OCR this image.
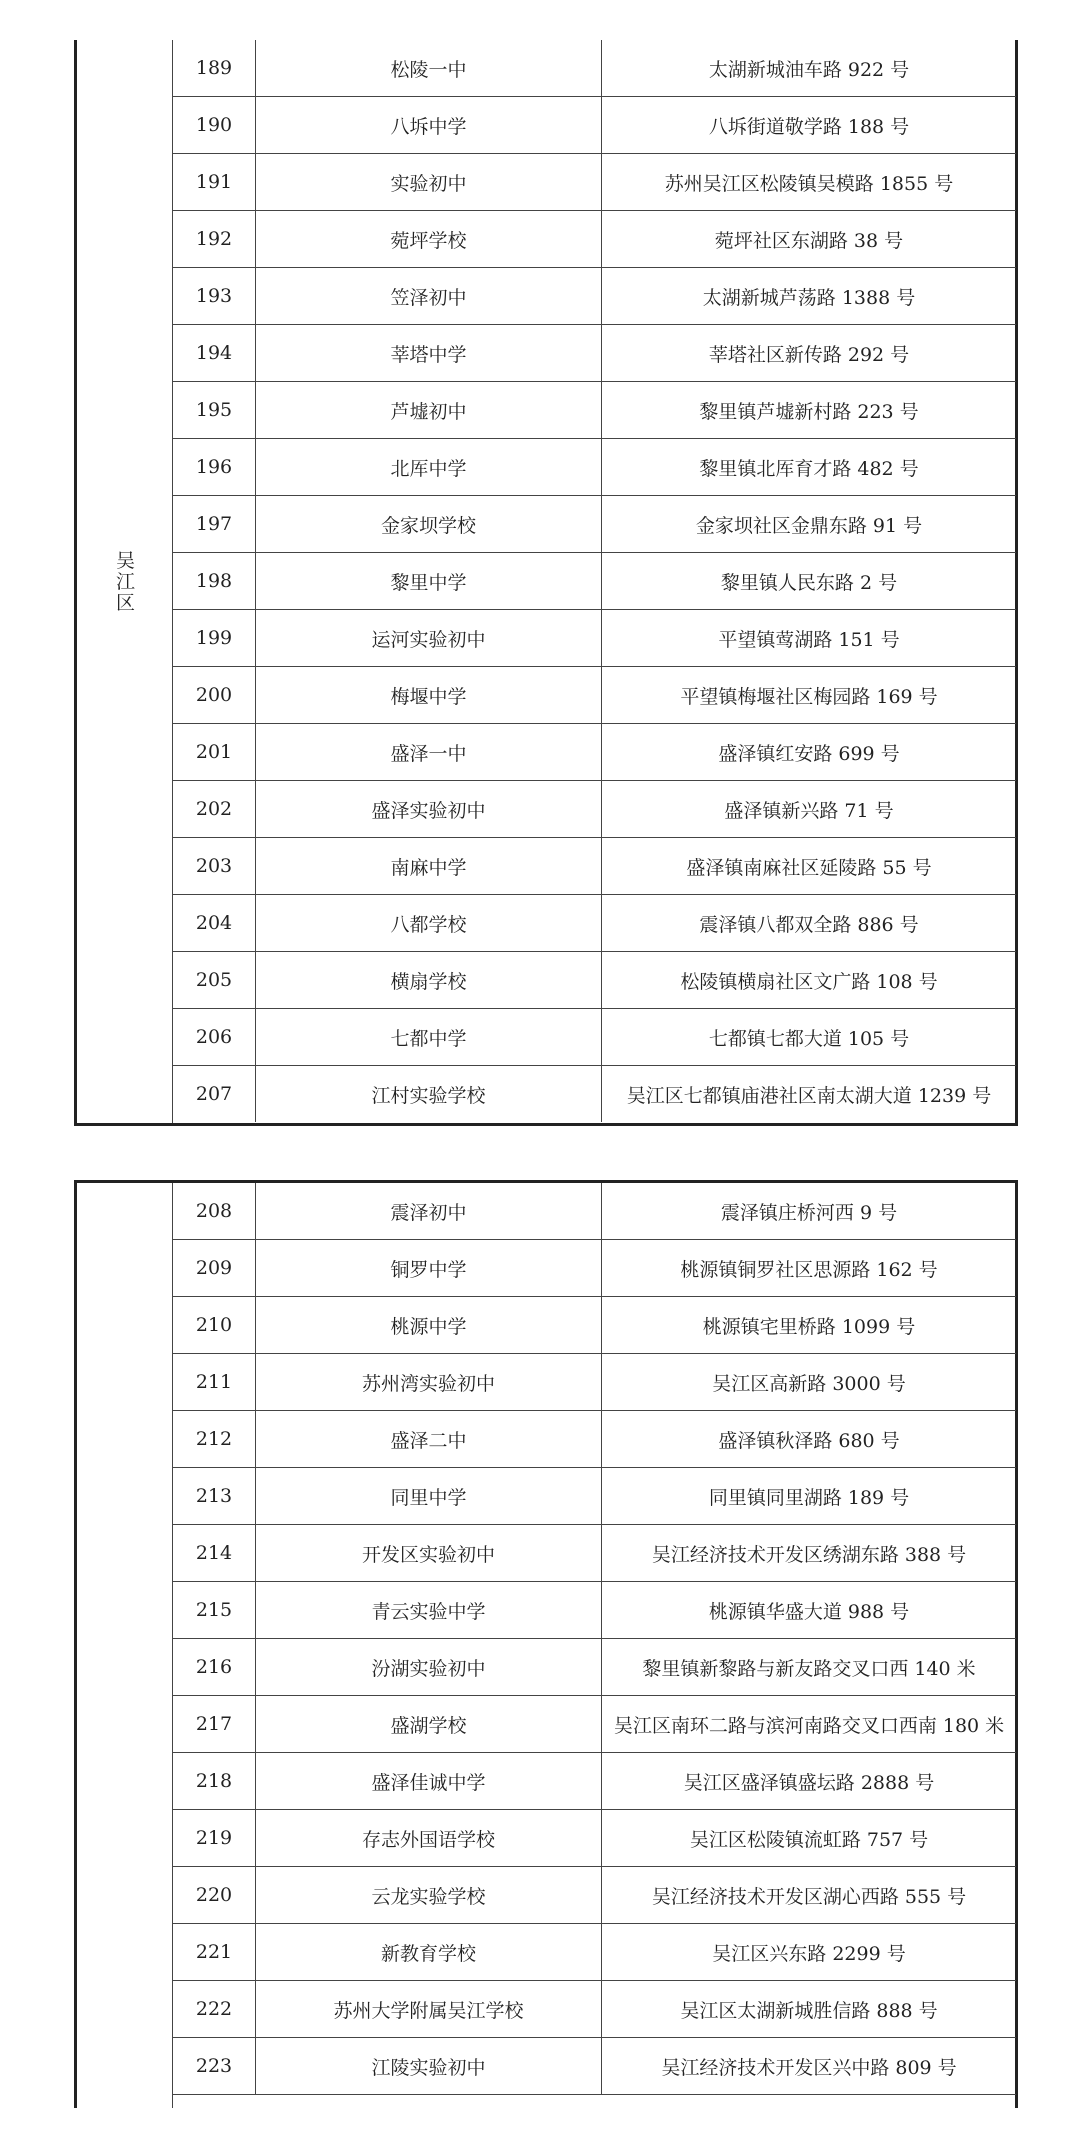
吴江区
189	松陵一中	太湖新城油车路 922 号
190	八坼中学	八坼街道敬学路 188 号
191	实验初中	苏州吴江区松陵镇吴模路 1855 号
192	菀坪学校	菀坪社区东湖路 38 号
193	笠泽初中	太湖新城芦荡路 1388 号
194	莘塔中学	莘塔社区新传路 292 号
195	芦墟初中	黎里镇芦墟新村路 223 号
196	北厍中学	黎里镇北厍育才路 482 号
197	金家坝学校	金家坝社区金鼎东路 91 号
198	黎里中学	黎里镇人民东路 2 号
199	运河实验初中	平望镇莺湖路 151 号
200	梅堰中学	平望镇梅堰社区梅园路 169 号
201	盛泽一中	盛泽镇红安路 699 号
202	盛泽实验初中	盛泽镇新兴路 71 号
203	南麻中学	盛泽镇南麻社区延陵路 55 号
204	八都学校	震泽镇八都双全路 886 号
205	横扇学校	松陵镇横扇社区文广路 108 号
206	七都中学	七都镇七都大道 105 号
207	江村实验学校	吴江区七都镇庙港社区南太湖大道 1239 号
208	震泽初中	震泽镇庄桥河西 9 号
209	铜罗中学	桃源镇铜罗社区思源路 162 号
210	桃源中学	桃源镇宅里桥路 1099 号
211	苏州湾实验初中	吴江区高新路 3000 号
212	盛泽二中	盛泽镇秋泽路 680 号
213	同里中学	同里镇同里湖路 189 号
214	开发区实验初中	吴江经济技术开发区绣湖东路 388 号
215	青云实验中学	桃源镇华盛大道 988 号
216	汾湖实验初中	黎里镇新黎路与新友路交叉口西 140 米
217	盛湖学校	吴江区南环二路与滨河南路交叉口西南 180 米
218	盛泽佳诚中学	吴江区盛泽镇盛坛路 2888 号
219	存志外国语学校	吴江区松陵镇流虹路 757 号
220	云龙实验学校	吴江经济技术开发区湖心西路 555 号
221	新教育学校	吴江区兴东路 2299 号
222	苏州大学附属吴江学校	吴江区太湖新城胜信路 888 号
223	江陵实验初中	吴江经济技术开发区兴中路 809 号
